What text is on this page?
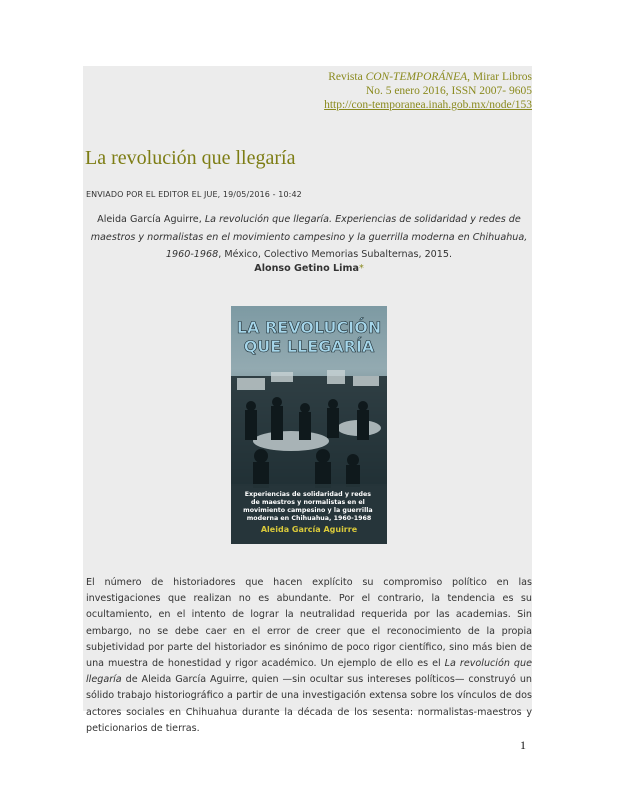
Revista CON-TEMPORÁNEA, Mirar Libros
No. 5 enero 2016, ISSN 2007- 9605
http://con-temporanea.inah.gob.mx/node/153
La revolución que llegaría
ENVIADO POR EL EDITOR EL JUE, 19/05/2016 - 10:42
Aleida García Aguirre, La revolución que llegaría. Experiencias de solidaridad y redes de maestros y normalistas en el movimiento campesino y la guerrilla moderna en Chihuahua, 1960-1968, México, Colectivo Memorias Subalternas, 2015.
Alonso Getino Lima*
LA REVOLUCIÓN
QUE LLEGARÍA
Experiencias de solidaridad y redes de maestros y normalistas en el movimiento campesino y la guerrilla moderna en Chihuahua, 1960-1968
Aleida García Aguirre
El número de historiadores que hacen explícito su compromiso político en las investigaciones que realizan no es abundante. Por el contrario, la tendencia es su ocultamiento, en el intento de lograr la neutralidad requerida por las academias. Sin embargo, no se debe caer en el error de creer que el reconocimiento de la propia subjetividad por parte del historiador es sinónimo de poco rigor científico, sino más bien de una muestra de honestidad y rigor académico. Un ejemplo de ello es el La revolución que llegaría de Aleida García Aguirre, quien —sin ocultar sus intereses políticos— construyó un sólido trabajo historiográfico a partir de una investigación extensa sobre los vínculos de dos actores sociales en Chihuahua durante la década de los sesenta: normalistas-maestros y peticionarios de tierras.
1
